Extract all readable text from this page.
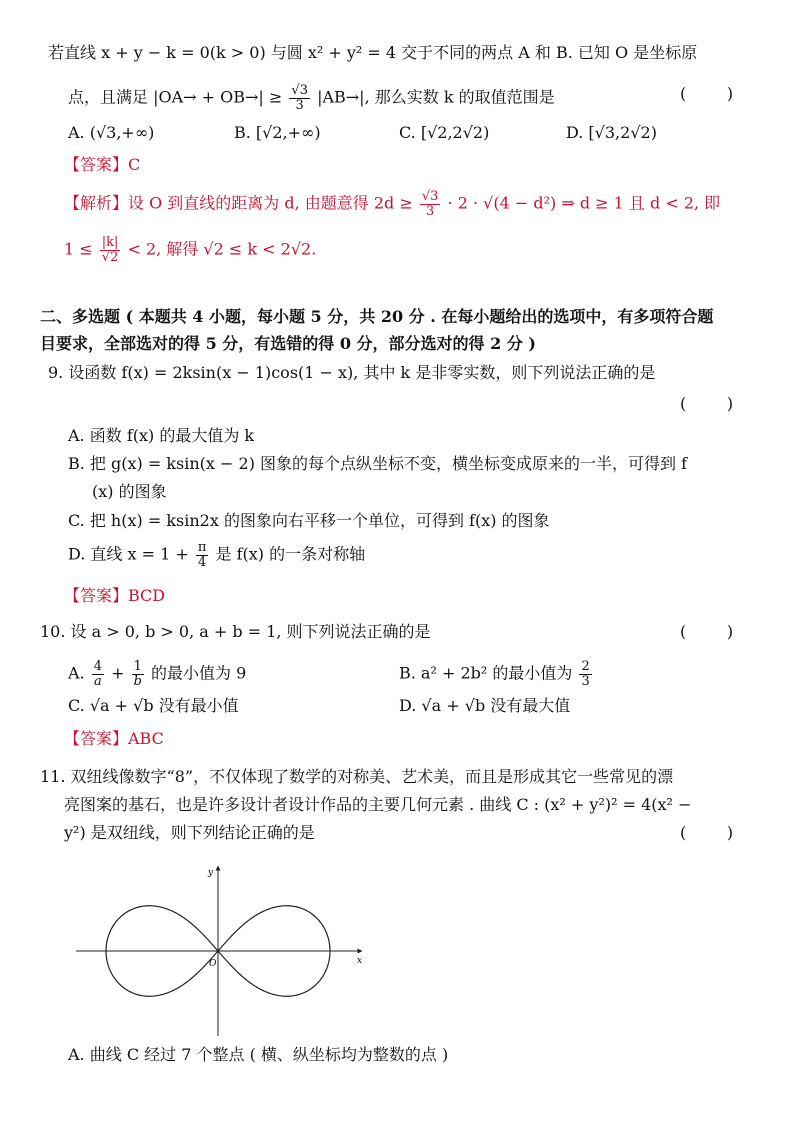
若直线 x + y − k = 0(k > 0) 与圆 x² + y² = 4 交于不同的两点 A 和 B. 已知 O 是坐标原
点，且满足 $|OA\to + OB\to| \ge \frac{√3}{3} |AB\to|$, 那么实数 k 的取值范围是	(        )
A. (√3,+∞)	B. [√2,+∞)	C. [√2,2√2)	D. [√3,2√2)
【答案】C
【解析】设 O 到直线的距离为 d, 由题意得 $2d \ge \frac{√3}{3} \cdot 2 \cdot √(4 - d^2)$ ⇒ d ≥ 1 且 d < 2, 即
$1 \le \frac{|k|}{√2} < 2$, 解得 √2 ≤ k < 2√2.
二、多选题 ( 本题共 4 小题，每小题 5 分，共 20 分 . 在每小题给出的选项中，有多项符合题
目要求，全部选对的得 5 分，有选错的得 0 分，部分选对的得 2 分 )
9. 设函数 f(x) = 2ksin(x − 1)cos(1 − x), 其中 k 是非零实数，则下列说法正确的是
(        )
A. 函数 f(x) 的最大值为 k
B. 把 g(x) = ksin(x − 2) 图象的每个点纵坐标不变，横坐标变成原来的一半，可得到 f
(x) 的图象
C. 把 h(x) = ksin2x 的图象向右平移一个单位，可得到 f(x) 的图象
D. 直线 $x = 1 + \frac{\pi}{4}$ 是 f(x) 的一条对称轴
【答案】BCD
10. 设 a > 0, b > 0, a + b = 1, 则下列说法正确的是	(        )
A. $\frac{4}{a} + \frac{1}{b}$ 的最小值为 9	B. a² + 2b² 的最小值为 $\frac{2}{3}$
C. √a + √b 没有最小值	D. √a + √b 没有最大值
【答案】ABC
11. 双纽线像数字“8”，不仅体现了数学的对称美、艺术美，而且是形成其它一些常见的漂
亮图案的基石，也是许多设计者设计作品的主要几何元素 . 曲线 C : (x² + y²)² = 4(x² −
y²) 是双纽线，则下列结论正确的是	(        )
x
y
O
A. 曲线 C 经过 7 个整点 ( 横、纵坐标均为整数的点 )
